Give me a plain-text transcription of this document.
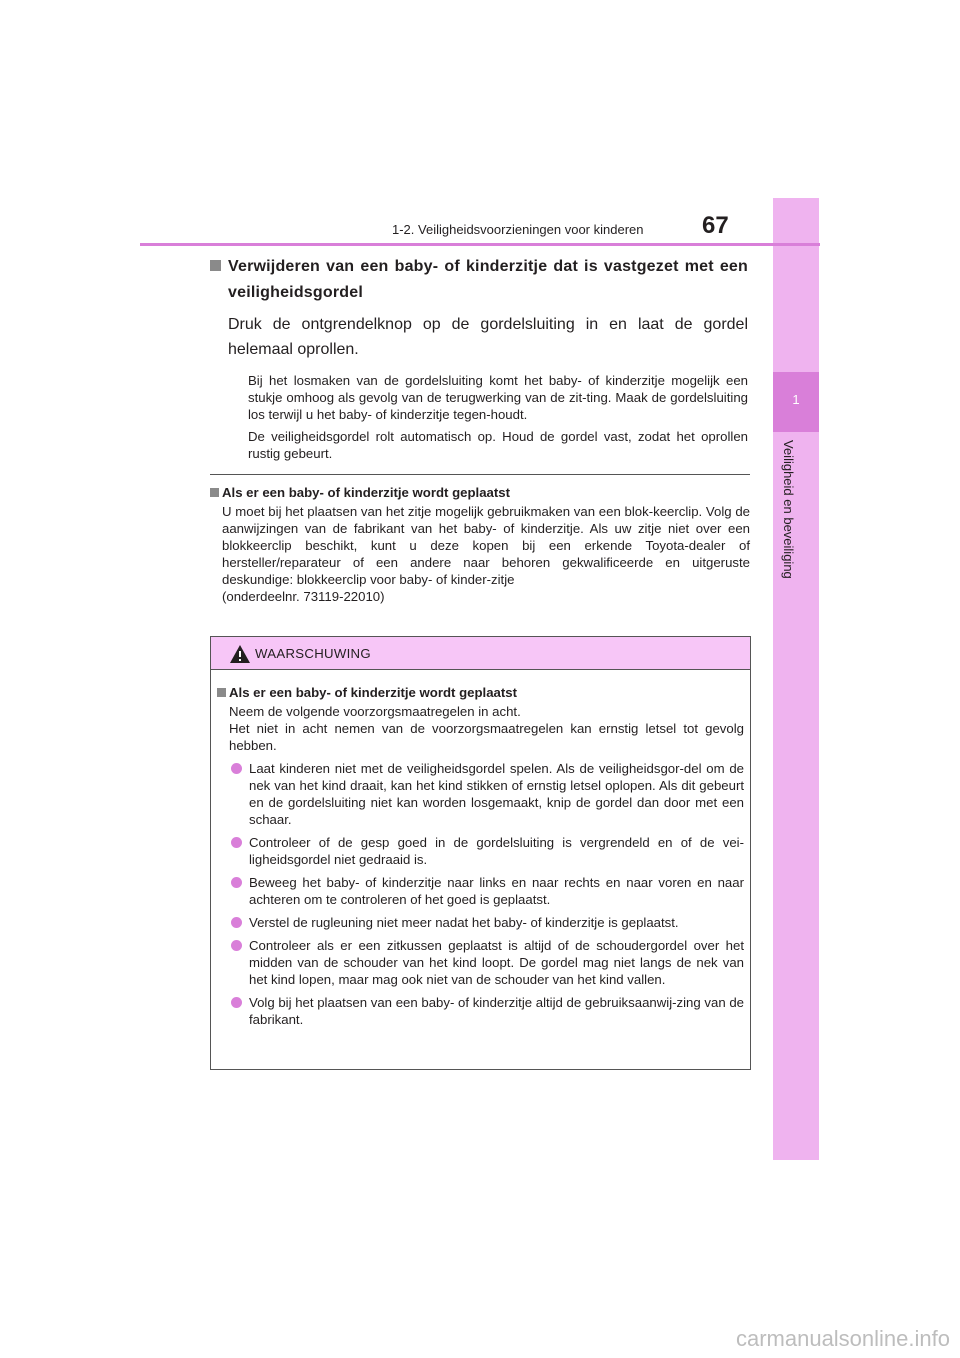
1
Veiligheid en beveiliging
1-2. Veiligheidsvoorzieningen voor kinderen 67
Verwijderen van een baby- of kinderzitje dat is vastgezet met een veiligheidsgordel
Druk de ontgrendelknop op de gordelsluiting in en laat de gordel helemaal oprollen.
Bij het losmaken van de gordelsluiting komt het baby- of kinderzitje mogelijk een stukje omhoog als gevolg van de terugwerking van de zit-ting. Maak de gordelsluiting los terwijl u het baby- of kinderzitje tegen-houdt.
De veiligheidsgordel rolt automatisch op. Houd de gordel vast, zodat het oprollen rustig gebeurt.
Als er een baby- of kinderzitje wordt geplaatst
U moet bij het plaatsen van het zitje mogelijk gebruikmaken van een blok-keerclip. Volg de aanwijzingen van de fabrikant van het baby- of kinderzitje. Als uw zitje niet over een blokkeerclip beschikt, kunt u deze kopen bij een erkende Toyota-dealer of hersteller/reparateur of een andere naar behoren gekwalificeerde en uitgeruste deskundige: blokkeerclip voor baby- of kinder-zitje
(onderdeelnr. 73119-22010)
WAARSCHUWING
Als er een baby- of kinderzitje wordt geplaatst
Neem de volgende voorzorgsmaatregelen in acht.
Het niet in acht nemen van de voorzorgsmaatregelen kan ernstig letsel tot gevolg hebben.
Laat kinderen niet met de veiligheidsgordel spelen. Als de veiligheidsgor-del om de nek van het kind draait, kan het kind stikken of ernstig letsel oplopen. Als dit gebeurt en de gordelsluiting niet kan worden losgemaakt, knip de gordel dan door met een schaar.
Controleer of de gesp goed in de gordelsluiting is vergrendeld en of de vei-ligheidsgordel niet gedraaid is.
Beweeg het baby- of kinderzitje naar links en naar rechts en naar voren en naar achteren om te controleren of het goed is geplaatst.
Verstel de rugleuning niet meer nadat het baby- of kinderzitje is geplaatst.
Controleer als er een zitkussen geplaatst is altijd of de schoudergordel over het midden van de schouder van het kind loopt. De gordel mag niet langs de nek van het kind lopen, maar mag ook niet van de schouder van het kind vallen.
Volg bij het plaatsen van een baby- of kinderzitje altijd de gebruiksaanwij-zing van de fabrikant.
carmanualsonline.info
